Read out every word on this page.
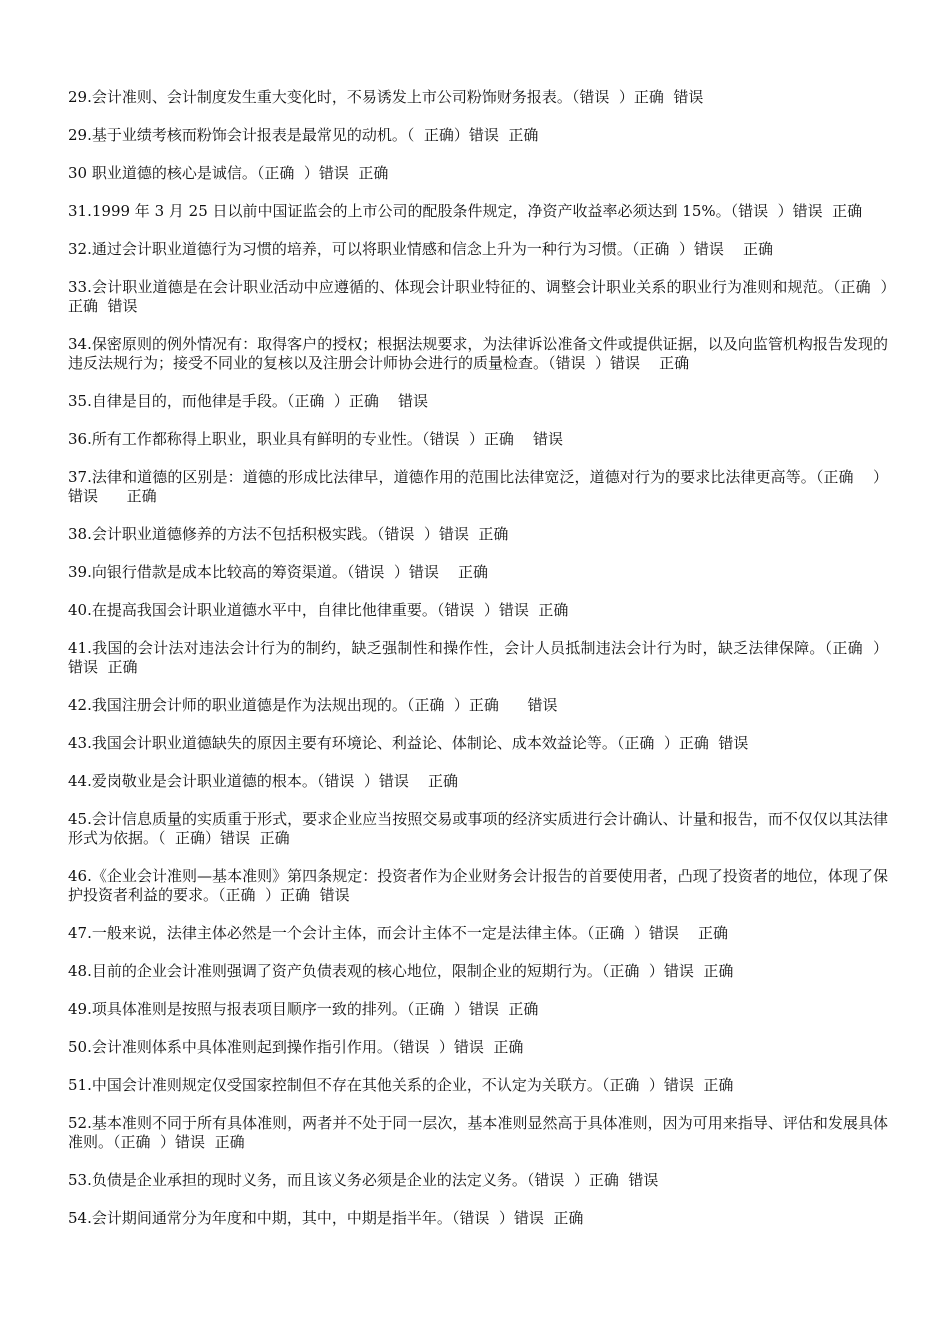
29.会计准则、会计制度发生重大变化时，不易诱发上市公司粉饰财务报表。（错误  ）正确  错误

29.基于业绩考核而粉饰会计报表是最常见的动机。（  正确）错误  正确

30 职业道德的核心是诚信。（正确  ）错误  正确

31.1999 年 3 月 25 日以前中国证监会的上市公司的配股条件规定，净资产收益率必须达到 15%。（错误  ）错误  正确

32.通过会计职业道德行为习惯的培养，可以将职业情感和信念上升为一种行为习惯。（正确  ）错误    正确

33.会计职业道德是在会计职业活动中应遵循的、体现会计职业特征的、调整会计职业关系的职业行为准则和规范。（正确  ）正确  错误

34.保密原则的例外情况有：取得客户的授权；根据法规要求，为法律诉讼准备文件或提供证据，以及向监管机构报告发现的违反法规行为；接受不同业的复核以及注册会计师协会进行的质量检查。（错误  ）错误    正确

35.自律是目的，而他律是手段。（正确  ）正确    错误

36.所有工作都称得上职业，职业具有鲜明的专业性。（错误  ）正确    错误

37.法律和道德的区别是：道德的形成比法律早，道德作用的范围比法律宽泛，道德对行为的要求比法律更高等。（正确    ）错误      正确

38.会计职业道德修养的方法不包括积极实践。（错误  ）错误  正确

39.向银行借款是成本比较高的筹资渠道。（错误  ）错误    正确

40.在提高我国会计职业道德水平中，自律比他律重要。（错误  ）错误  正确

41.我国的会计法对违法会计行为的制约，缺乏强制性和操作性，会计人员抵制违法会计行为时，缺乏法律保障。（正确  ）错误  正确

42.我国注册会计师的职业道德是作为法规出现的。（正确  ）正确      错误

43.我国会计职业道德缺失的原因主要有环境论、利益论、体制论、成本效益论等。（正确  ）正确  错误

44.爱岗敬业是会计职业道德的根本。（错误  ）错误    正确

45.会计信息质量的实质重于形式，要求企业应当按照交易或事项的经济实质进行会计确认、计量和报告，而不仅仅以其法律形式为依据。（  正确）错误  正确

46.《企业会计准则—基本准则》第四条规定：投资者作为企业财务会计报告的首要使用者，凸现了投资者的地位，体现了保护投资者利益的要求。（正确  ）正确  错误

47.一般来说，法律主体必然是一个会计主体，而会计主体不一定是法律主体。（正确  ）错误    正确

48.目前的企业会计准则强调了资产负债表观的核心地位，限制企业的短期行为。（正确  ）错误  正确

49.项具体准则是按照与报表项目顺序一致的排列。（正确  ）错误  正确

50.会计准则体系中具体准则起到操作指引作用。（错误  ）错误  正确

51.中国会计准则规定仅受国家控制但不存在其他关系的企业，不认定为关联方。（正确  ）错误  正确

52.基本准则不同于所有具体准则，两者并不处于同一层次，基本准则显然高于具体准则，因为可用来指导、评估和发展具体准则。（正确  ）错误  正确

53.负债是企业承担的现时义务，而且该义务必须是企业的法定义务。（错误  ）正确  错误

54.会计期间通常分为年度和中期，其中，中期是指半年。（错误  ）错误  正确
